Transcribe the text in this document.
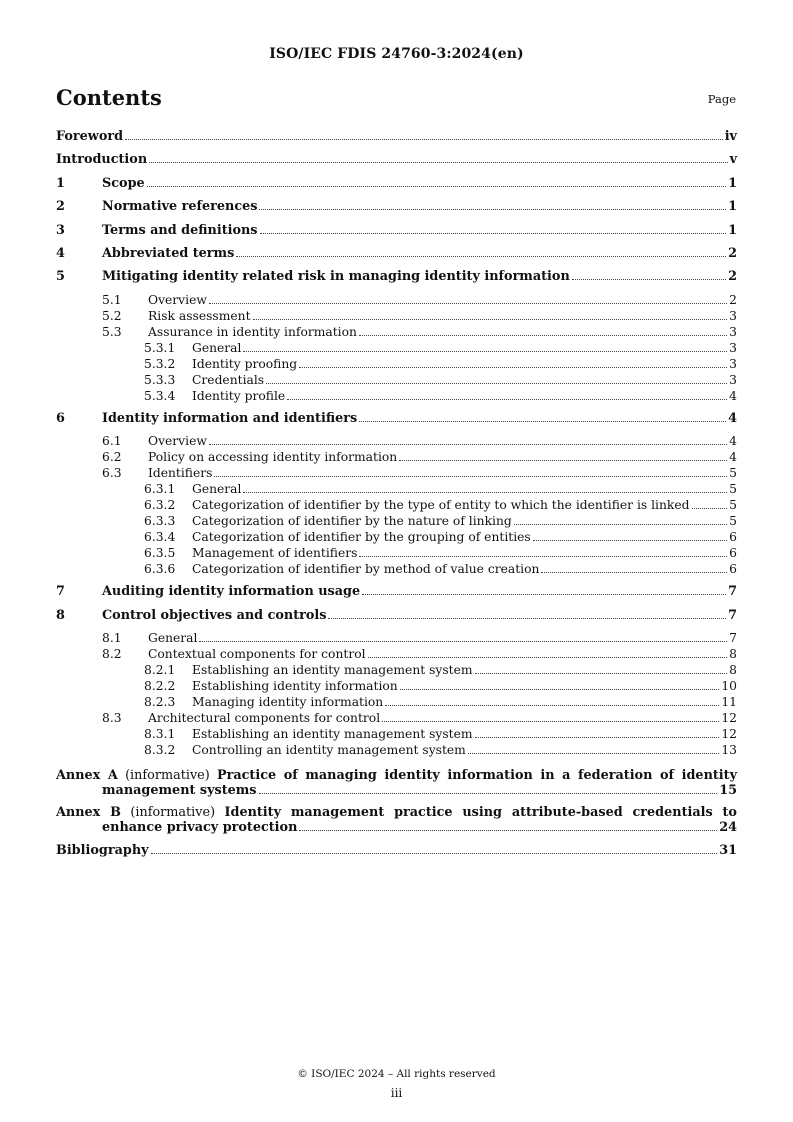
ISO/IEC FDIS 24760-3:2024(en)
Contents	Page
Foreword	iv
Introduction	v
1	Scope	1
2	Normative references	1
3	Terms and definitions	1
4	Abbreviated terms	2
5	Mitigating identity related risk in managing identity information	2
5.1	Overview	2
5.2	Risk assessment	3
5.3	Assurance in identity information	3
5.3.1	General	3
5.3.2	Identity proofing	3
5.3.3	Credentials	3
5.3.4	Identity profile	4
6	Identity information and identifiers	4
6.1	Overview	4
6.2	Policy on accessing identity information	4
6.3	Identifiers	5
6.3.1	General	5
6.3.2	Categorization of identifier by the type of entity to which the identifier is linked	5
6.3.3	Categorization of identifier by the nature of linking	5
6.3.4	Categorization of identifier by the grouping of entities	6
6.3.5	Management of identifiers	6
6.3.6	Categorization of identifier by method of value creation	6
7	Auditing identity information usage	7
8	Control objectives and controls	7
8.1	General	7
8.2	Contextual components for control	8
8.2.1	Establishing an identity management system	8
8.2.2	Establishing identity information	10
8.2.3	Managing identity information	11
8.3	Architectural components for control	12
8.3.1	Establishing an identity management system	12
8.3.2	Controlling an identity management system	13
Annex A (informative) Practice of managing identity information in a federation of identity
management systems	15
Annex B (informative) Identity management practice using attribute-based credentials to
enhance privacy protection	24
Bibliography	31
© ISO/IEC 2024 – All rights reserved
iii
